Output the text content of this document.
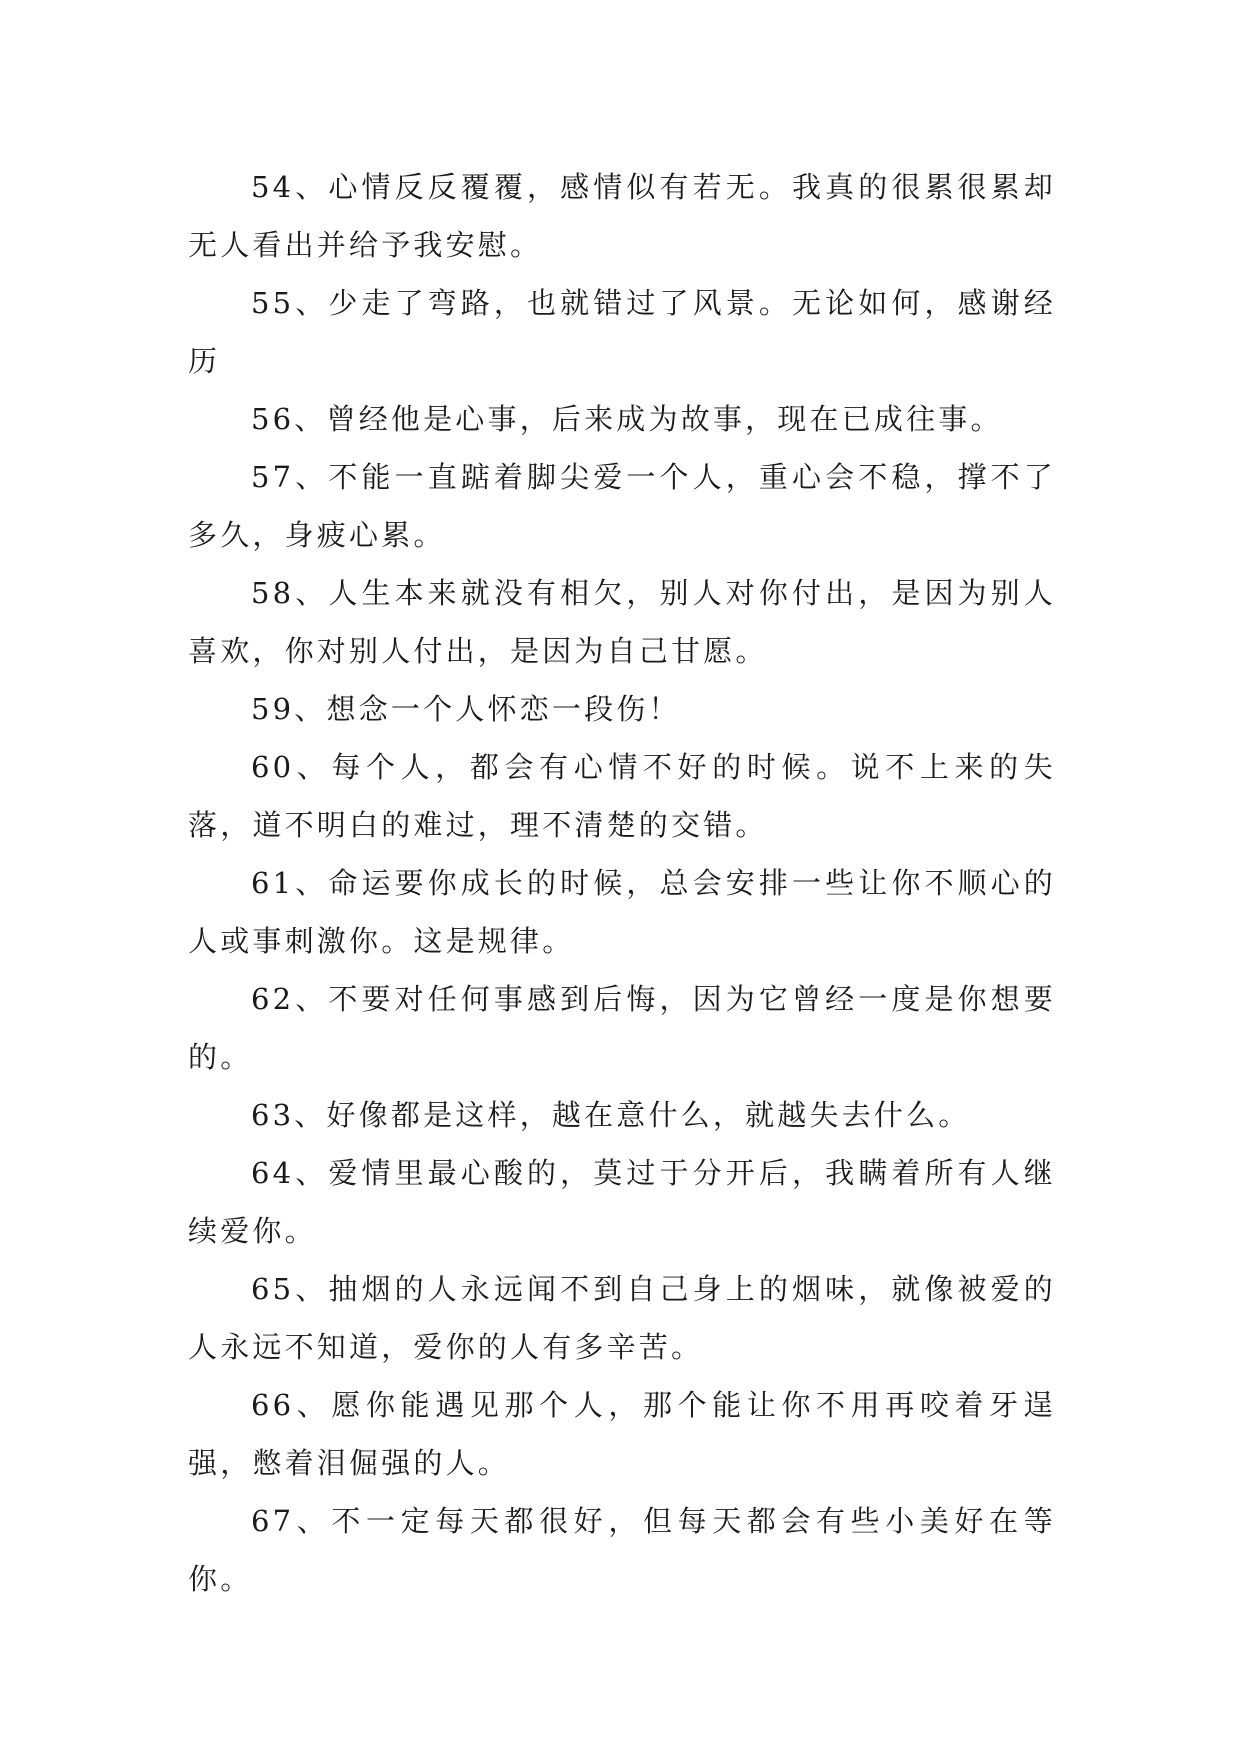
54、心情反反覆覆，感情似有若无。我真的很累很累却无人看出并给予我安慰。

55、少走了弯路，也就错过了风景。无论如何，感谢经历

56、曾经他是心事，后来成为故事，现在已成往事。

57、不能一直踮着脚尖爱一个人，重心会不稳，撑不了多久，身疲心累。

58、人生本来就没有相欠，别人对你付出，是因为别人喜欢，你对别人付出，是因为自己甘愿。

59、想念一个人怀恋一段伤！

60、每个人，都会有心情不好的时候。说不上来的失落，道不明白的难过，理不清楚的交错。

61、命运要你成长的时候，总会安排一些让你不顺心的人或事刺激你。这是规律。

62、不要对任何事感到后悔，因为它曾经一度是你想要的。

63、好像都是这样，越在意什么，就越失去什么。

64、爱情里最心酸的，莫过于分开后，我瞒着所有人继续爱你。

65、抽烟的人永远闻不到自己身上的烟味，就像被爱的人永远不知道，爱你的人有多辛苦。

66、愿你能遇见那个人，那个能让你不用再咬着牙逞强，憋着泪倔强的人。

67、不一定每天都很好，但每天都会有些小美好在等你。
